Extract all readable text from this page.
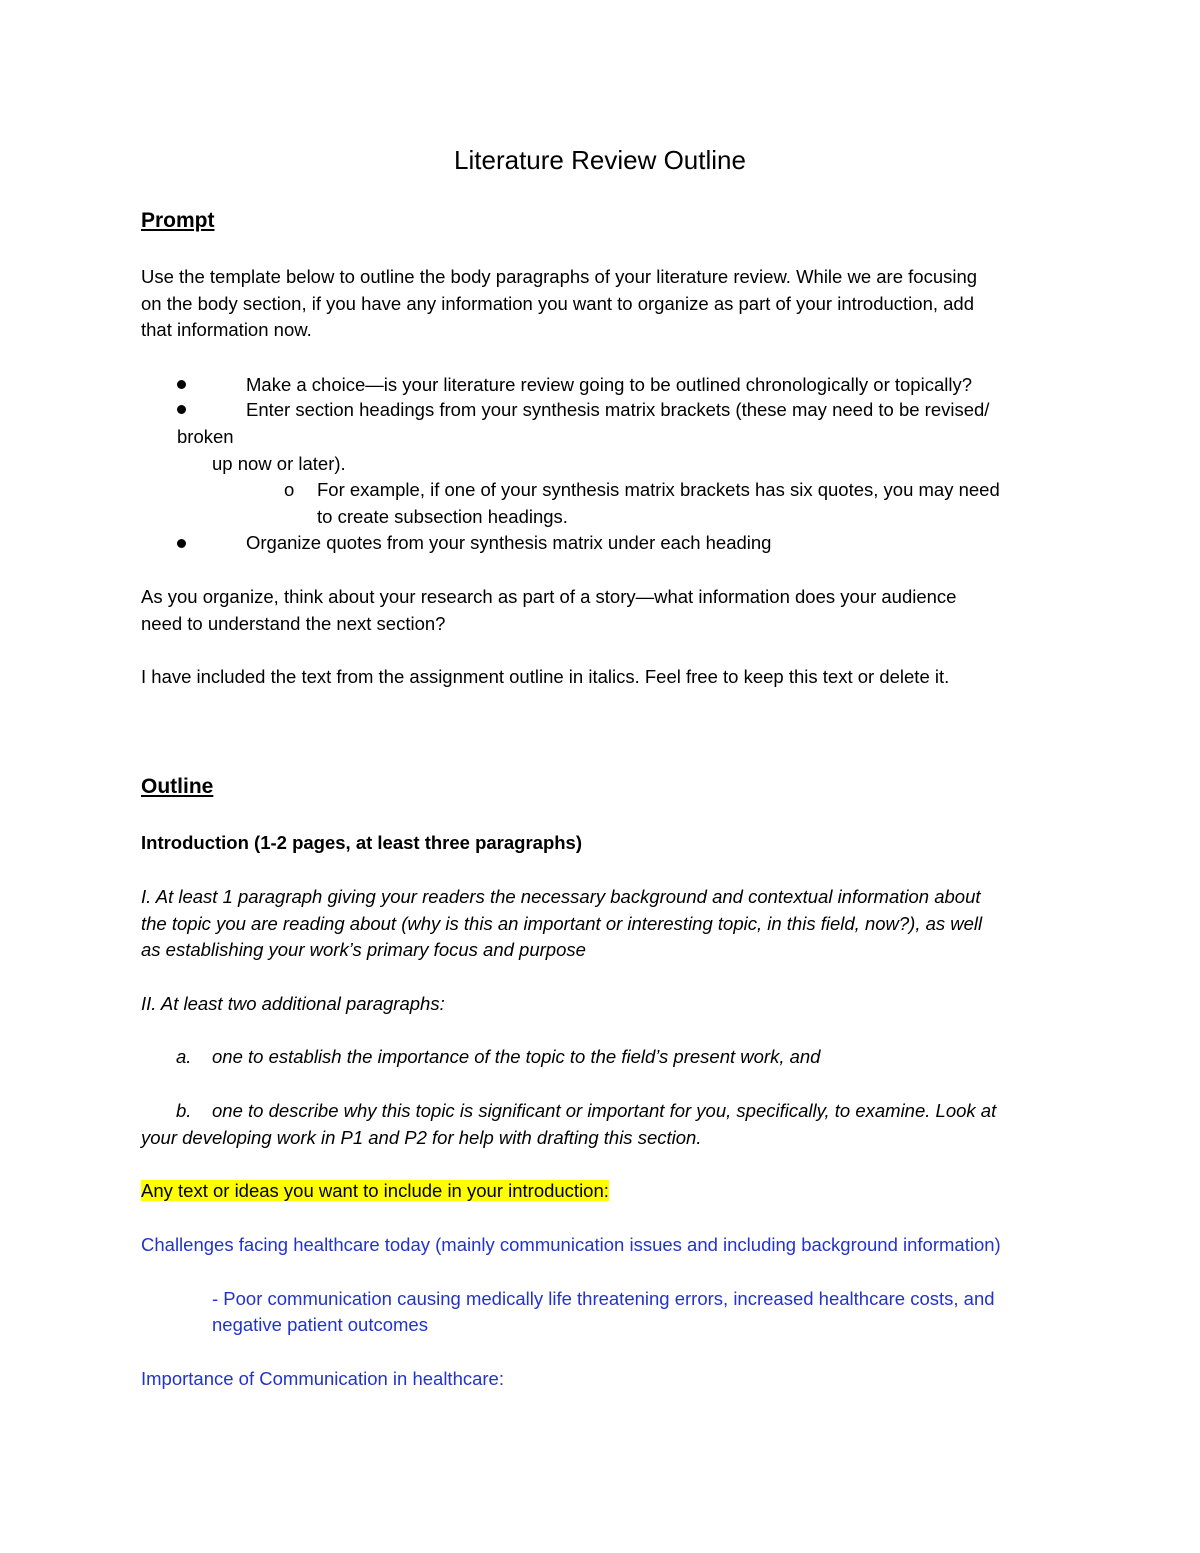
Literature Review Outline
Prompt
Use the template below to outline the body paragraphs of your literature review. While we are focusing
on the body section, if you have any information you want to organize as part of your introduction, add
that information now.
Make a choice—is your literature review going to be outlined chronologically or topically?
Enter section headings from your synthesis matrix brackets (these may need to be revised/
broken
up now or later).
o For example, if one of your synthesis matrix brackets has six quotes, you may need
to create subsection headings.
Organize quotes from your synthesis matrix under each heading
As you organize, think about your research as part of a story—what information does your audience
need to understand the next section?
I have included the text from the assignment outline in italics. Feel free to keep this text or delete it.
Outline
Introduction (1-2 pages, at least three paragraphs)
I. At least 1 paragraph giving your readers the necessary background and contextual information about
the topic you are reading about (why is this an important or interesting topic, in this field, now?), as well
as establishing your work’s primary focus and purpose
II. At least two additional paragraphs:
a. one to establish the importance of the topic to the field’s present work, and
b. one to describe why this topic is significant or important for you, specifically, to examine. Look at
your developing work in P1 and P2 for help with drafting this section.
Any text or ideas you want to include in your introduction:
Challenges facing healthcare today (mainly communication issues and including background information)
- Poor communication causing medically life threatening errors, increased healthcare costs, and
negative patient outcomes
Importance of Communication in healthcare:
